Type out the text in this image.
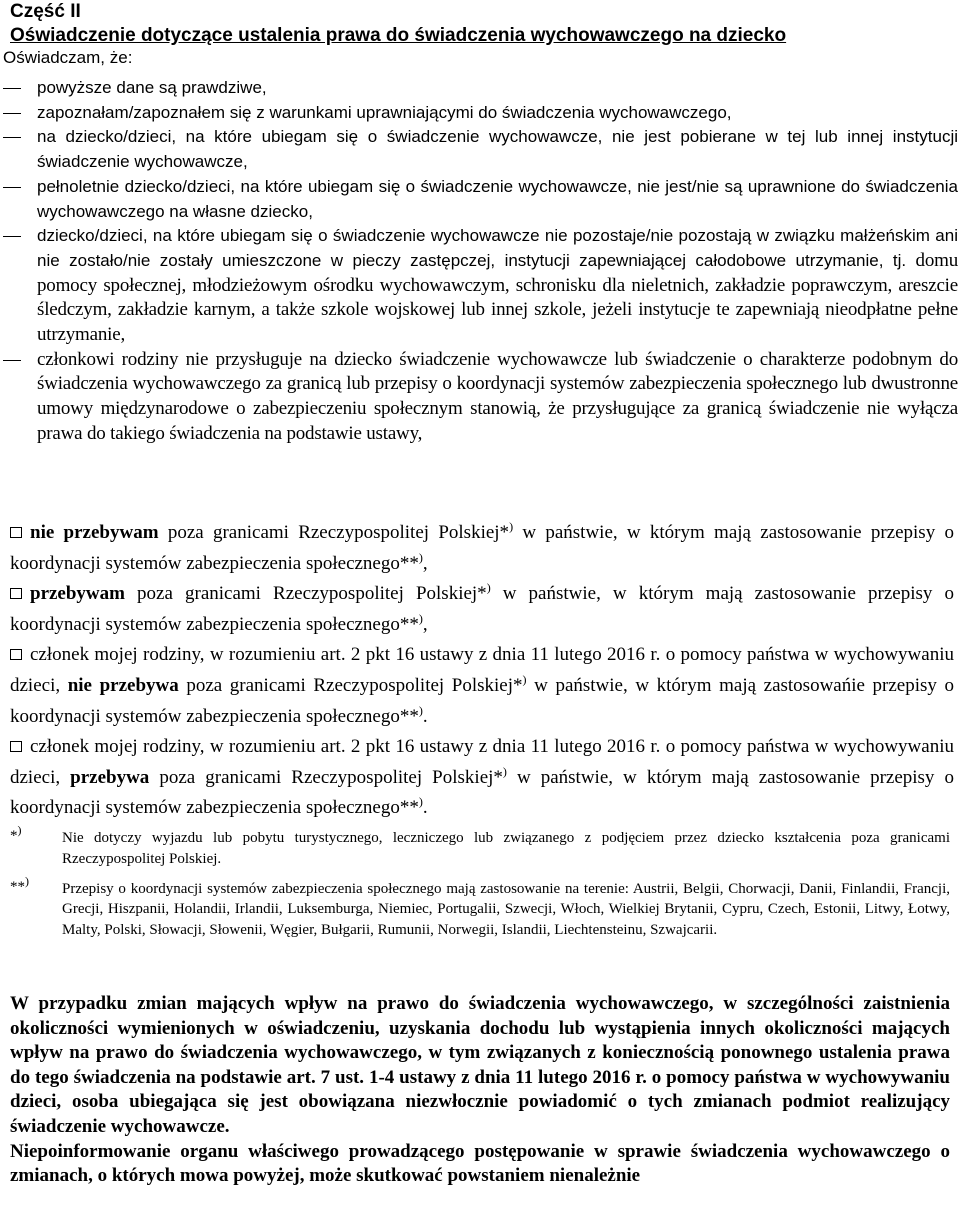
Część II
Oświadczenie dotyczące ustalenia prawa do świadczenia wychowawczego na dziecko
Oświadczam, że:
powyższe dane są prawdziwe,
zapoznałam/zapoznałem się z warunkami uprawniającymi do świadczenia wychowawczego,
na dziecko/dzieci, na które ubiegam się o świadczenie wychowawcze, nie jest pobierane w tej lub innej instytucji świadczenie wychowawcze,
pełnoletnie dziecko/dzieci, na które ubiegam się o świadczenie wychowawcze, nie jest/nie są uprawnione do świadczenia wychowawczego na własne dziecko,
dziecko/dzieci, na które ubiegam się o świadczenie wychowawcze nie pozostaje/nie pozostają w związku małżeńskim ani nie zostało/nie zostały umieszczone w pieczy zastępczej, instytucji zapewniającej całodobowe utrzymanie, tj. domu pomocy społecznej, młodzieżowym ośrodku wychowawczym, schronisku dla nieletnich, zakładzie poprawczym, areszcie śledczym, zakładzie karnym, a także szkole wojskowej lub innej szkole, jeżeli instytucje te zapewniają nieodpłatne pełne utrzymanie,
członkowi rodziny nie przysługuje na dziecko świadczenie wychowawcze lub świadczenie o charakterze podobnym do świadczenia wychowawczego za granicą lub przepisy o koordynacji systemów zabezpieczenia społecznego lub dwustronne umowy międzynarodowe o zabezpieczeniu społecznym stanowią, że przysługujące za granicą świadczenie nie wyłącza prawa do takiego świadczenia na podstawie ustawy,
nie przebywam poza granicami Rzeczypospolitej Polskiej*) w państwie, w którym mają zastosowanie przepisy o koordynacji systemów zabezpieczenia społecznego**),
przebywam poza granicami Rzeczypospolitej Polskiej*) w państwie, w którym mają zastosowanie przepisy o koordynacji systemów zabezpieczenia społecznego**),
członek mojej rodziny, w rozumieniu art. 2 pkt 16 ustawy z dnia 11 lutego 2016 r. o pomocy państwa w wychowywaniu dzieci, nie przebywa poza granicami Rzeczypospolitej Polskiej*) w państwie, w którym mają zastosowańie przepisy o koordynacji systemów zabezpieczenia społecznego**).
członek mojej rodziny, w rozumieniu art. 2 pkt 16 ustawy z dnia 11 lutego 2016 r. o pomocy państwa w wychowywaniu dzieci, przebywa poza granicami Rzeczypospolitej Polskiej*) w państwie, w którym mają zastosowanie przepisy o koordynacji systemów zabezpieczenia społecznego**).
*)	Nie dotyczy wyjazdu lub pobytu turystycznego, leczniczego lub związanego z podjęciem przez dziecko kształcenia poza granicami Rzeczypospolitej Polskiej.
**) Przepisy o koordynacji systemów zabezpieczenia społecznego mają zastosowanie na terenie: Austrii, Belgii, Chorwacji, Danii, Finlandii, Francji, Grecji, Hiszpanii, Holandii, Irlandii, Luksemburga, Niemiec, Portugalii, Szwecji, Włoch, Wielkiej Brytanii, Cypru, Czech, Estonii, Litwy, Łotwy, Malty, Polski, Słowacji, Słowenii, Węgier, Bułgarii, Rumunii, Norwegii, Islandii, Liechtensteinu, Szwajcarii.

W przypadku zmian mających wpływ na prawo do świadczenia wychowawczego, w szczególności zaistnienia okoliczności wymienionych w oświadczeniu, uzyskania dochodu lub wystąpienia innych okoliczności mających wpływ na prawo do świadczenia wychowawczego, w tym związanych z koniecznością ponownego ustalenia prawa do tego świadczenia na podstawie art. 7 ust. 1-4 ustawy z dnia 11 lutego 2016 r. o pomocy państwa w wychowywaniu dzieci, osoba ubiegająca się jest obowiązana niezwłocznie powiadomić o tych zmianach podmiot realizujący świadczenie wychowawcze.

Niepoinformowanie organu właściwego prowadzącego postępowanie w sprawie świadczenia wychowawczego o zmianach, o których mowa powyżej, może skutkować powstaniem nienależnie
